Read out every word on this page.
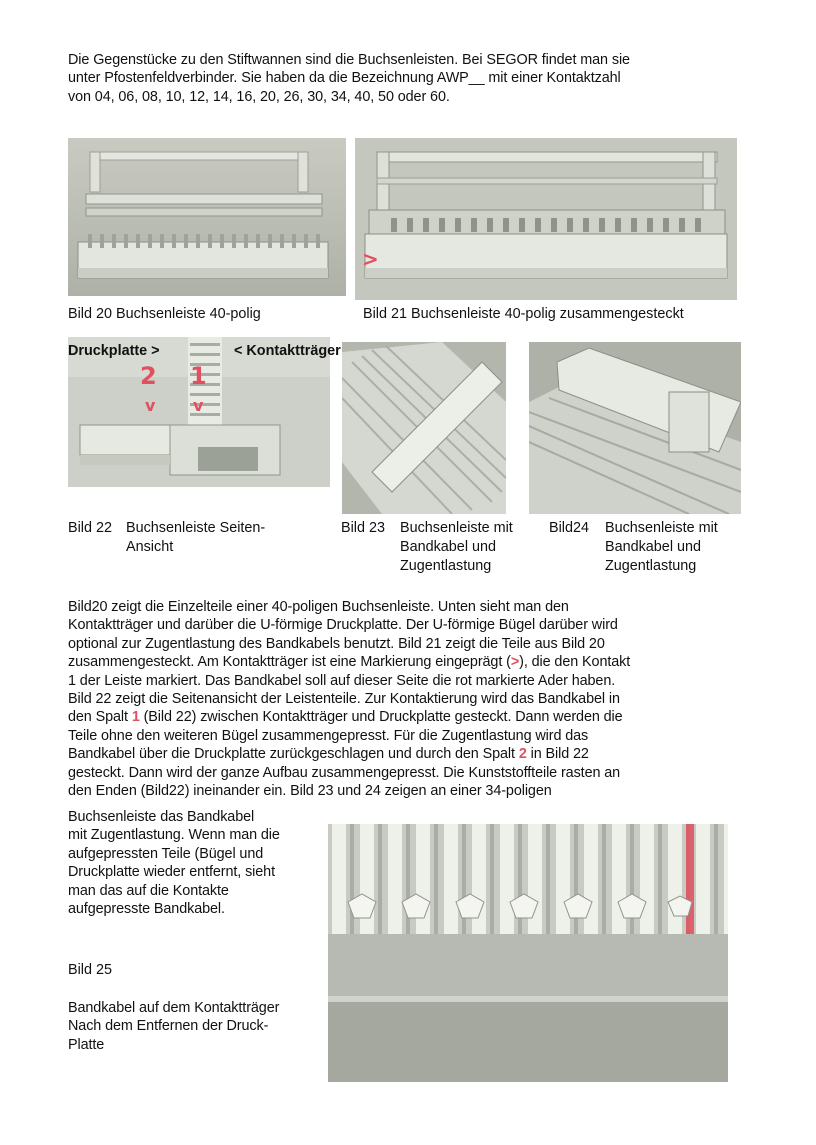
Die Gegenstücke zu den Stiftwannen sind die Buchsenleisten. Bei SEGOR findet man sie
unter Pfostenfeldverbinder. Sie haben da die Bezeichnung AWP__ mit einer Kontaktzahl
von 04, 06, 08, 10, 12, 14, 16, 20, 26, 30, 34, 40, 50 oder 60.
Bild 20 Buchsenleiste 40-polig
>
Bild 21 Buchsenleiste 40-polig zusammengesteckt
Druckplatte >	< Kontaktträger
2 1
v v
Bild 22 Buchsenleiste Seiten-
Ansicht
Bild 23 Buchsenleiste mit
Bandkabel und
Zugentlastung
Bild24 Buchsenleiste mit
Bandkabel und
Zugentlastung
Bild20 zeigt die Einzelteile einer 40-poligen Buchsenleiste. Unten sieht man den
Kontaktträger und darüber die U-förmige Druckplatte. Der U-förmige Bügel darüber wird
optional zur Zugentlastung des Bandkabels benutzt. Bild 21 zeigt die Teile aus Bild 20
zusammengesteckt. Am Kontaktträger ist eine Markierung eingeprägt (>), die den Kontakt
1 der Leiste markiert. Das Bandkabel soll auf dieser Seite die rot markierte Ader haben.
Bild 22 zeigt die Seitenansicht der Leistenteile. Zur Kontaktierung wird das Bandkabel in
den Spalt 1 (Bild 22) zwischen Kontaktträger und Druckplatte gesteckt. Dann werden die
Teile ohne den weiteren Bügel zusammengepresst. Für die Zugentlastung wird das
Bandkabel über die Druckplatte zurückgeschlagen und durch den Spalt 2 in Bild 22
gesteckt. Dann wird der ganze Aufbau zusammengepresst. Die Kunststoffteile rasten an
den Enden (Bild22) ineinander ein. Bild 23 und 24 zeigen an einer 34-poligen
Buchsenleiste das Bandkabel
mit Zugentlastung. Wenn man die
aufgepressten Teile (Bügel und
Druckplatte wieder entfernt, sieht
man das auf die Kontakte
aufgepresste Bandkabel.
Bild 25
Bandkabel auf dem Kontaktträger
Nach dem Entfernen der Druck-
Platte
